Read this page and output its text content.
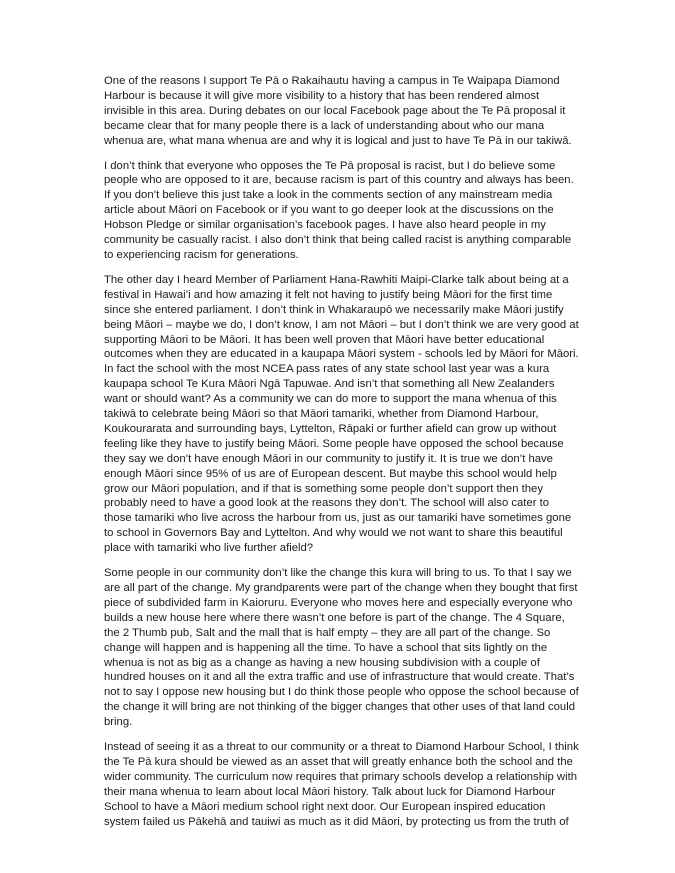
One of the reasons I support Te Pā o Rakaihautu having a campus in Te Waipapa Diamond Harbour is because it will give more visibility to a history that has been rendered almost invisible in this area. During debates on our local Facebook page about the Te Pā proposal it became clear that for many people there is a lack of understanding about who our mana whenua are, what mana whenua are and why it is logical and just to have Te Pā in our takiwā.

I don’t think that everyone who opposes the Te Pā proposal is racist, but I do believe some people who are opposed to it are, because racism is part of this country and always has been. If you don’t believe this just take a look in the comments section of any mainstream media article about Māori on Facebook or if you want to go deeper look at the discussions on the Hobson Pledge or similar organisation’s facebook pages. I have also heard people in my community be casually racist. I also don’t think that being called racist is anything comparable to experiencing racism for generations.

The other day I heard Member of Parliament Hana-Rawhiti Maipi-Clarke talk about being at a festival in Hawai’i and how amazing it felt not having to justify being Māori for the first time since she entered parliament. I don’t think in Whakaraupō we necessarily make Māori justify being Māori – maybe we do, I don’t know, I am not Māori – but I don’t think we are very good at supporting Māori to be Māori. It has been well proven that Māori have better educational outcomes when they are educated in a kaupapa Māori system - schools led by Māori for Māori. In fact the school with the most NCEA pass rates of any state school last year was a kura kaupapa school Te Kura Māori Ngā Tapuwae. And isn’t that something all New Zealanders want or should want? As a community we can do more to support the mana whenua of this takiwā to celebrate being Māori so that Māori tamariki, whether from Diamond Harbour, Koukourarata and surrounding bays, Lyttelton, Rāpaki or further afield can grow up without feeling like they have to justify being Māori. Some people have opposed the school because they say we don’t have enough Māori in our community to justify it. It is true we don’t have enough Māori since 95% of us are of European descent. But maybe this school would help grow our Māori population, and if that is something some people don’t support then they probably need to have a good look at the reasons they don’t. The school will also cater to those tamariki who live across the harbour from us, just as our tamariki have sometimes gone to school in Governors Bay and Lyttelton. And why would we not want to share this beautiful place with tamariki who live further afield?

Some people in our community don’t like the change this kura will bring to us. To that I say we are all part of the change. My grandparents were part of the change when they bought that first piece of subdivided farm in Kaioruru. Everyone who moves here and especially everyone who builds a new house here where there wasn’t one before is part of the change. The 4 Square, the 2 Thumb pub, Salt and the mall that is half empty – they are all part of the change. So change will happen and is happening all the time. To have a school that sits lightly on the whenua is not as big as a change as having a new housing subdivision with a couple of hundred houses on it and all the extra traffic and use of infrastructure that would create. That’s not to say I oppose new housing but I do think those people who oppose the school because of the change it will bring are not thinking of the bigger changes that other uses of that land could bring.

Instead of seeing it as a threat to our community or a threat to Diamond Harbour School, I think the Te Pā kura should be viewed as an asset that will greatly enhance both the school and the wider community. The curriculum now requires that primary schools develop a relationship with their mana whenua to learn about local Māori history. Talk about luck for Diamond Harbour School to have a Māori medium school right next door. Our European inspired education system failed us Pākehā and tauiwi as much as it did Māori, by protecting us from the truth of
